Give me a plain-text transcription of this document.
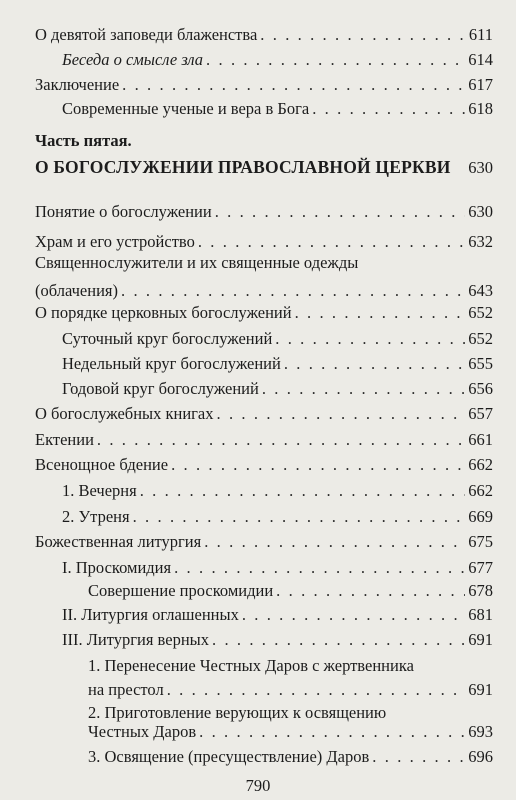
О девятой заповеди блаженства . . .	611
Беседа о смысле зла . . .	614
Заключение . . .	617
Современные ученые и вера в Бога . . .	618
Часть пятая.
О БОГОСЛУЖЕНИИ ПРАВОСЛАВНОЙ ЦЕРКВИ 630
Понятие о богослужении . . .	630
Храм и его устройство . . .	632
Священнослужители и их священные одежды
(облачения) . . .	643
О порядке церковных богослужений . . .	652
Суточный круг богослужений . . .	652
Недельный круг богослужений . . .	655
Годовой круг богослужений . . .	656
О богослужебных книгах . . .	657
Ектении . . .	661
Всенощное бдение . . .	662
1. Вечерня . . .	662
2. Утреня . . .	669
Божественная литургия . . .	675
I. Проскомидия . . .	677
Совершение проскомидии . . .	678
II. Литургия оглашенных . . .	681
III. Литургия верных . . .	691
1. Перенесение Честных Даров с жертвенника
на престол . . .	691
2. Приготовление верующих к освящению
Честных Даров . . .	693
3. Освящение (пресуществление) Даров . . .	696
790
